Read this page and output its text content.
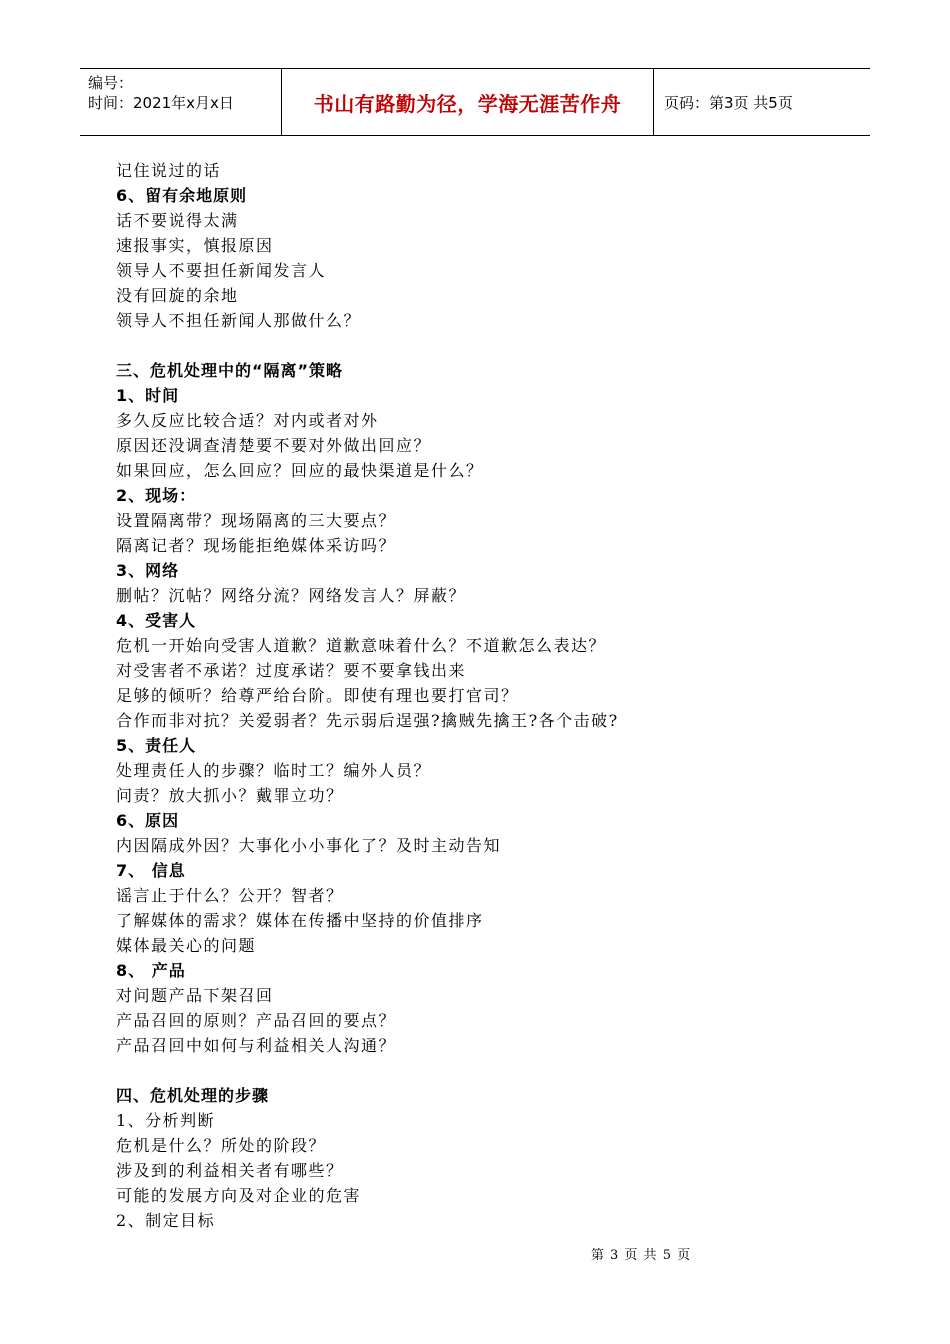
编号：
时间：2021年x月x日	书山有路勤为径，学海无涯苦作舟	页码：第3页 共5页
记住说过的话
6、留有余地原则
话不要说得太满
速报事实，慎报原因
领导人不要担任新闻发言人
没有回旋的余地
领导人不担任新闻人那做什么？
三、危机处理中的“隔离”策略
1、时间
多久反应比较合适？对内或者对外
原因还没调查清楚要不要对外做出回应？
如果回应，怎么回应？回应的最快渠道是什么？
2、现场：
设置隔离带？现场隔离的三大要点？
隔离记者？现场能拒绝媒体采访吗？
3、网络
删帖？沉帖？网络分流？网络发言人？屏蔽？
4、受害人
危机一开始向受害人道歉？道歉意味着什么？不道歉怎么表达？
对受害者不承诺？过度承诺？要不要拿钱出来
足够的倾听？给尊严给台阶。即使有理也要打官司？
合作而非对抗？关爱弱者？先示弱后逞强?擒贼先擒王?各个击破?
5、责任人
处理责任人的步骤？临时工？编外人员？
问责？放大抓小？戴罪立功？
6、原因
内因隔成外因？大事化小小事化了？及时主动告知
7、 信息
谣言止于什么？公开？智者？
了解媒体的需求？媒体在传播中坚持的价值排序
媒体最关心的问题
8、 产品
对问题产品下架召回
产品召回的原则？产品召回的要点？
产品召回中如何与利益相关人沟通？
四、危机处理的步骤
1、分析判断
危机是什么？所处的阶段？
涉及到的利益相关者有哪些？
可能的发展方向及对企业的危害
2、制定目标
第 3 页 共 5 页
